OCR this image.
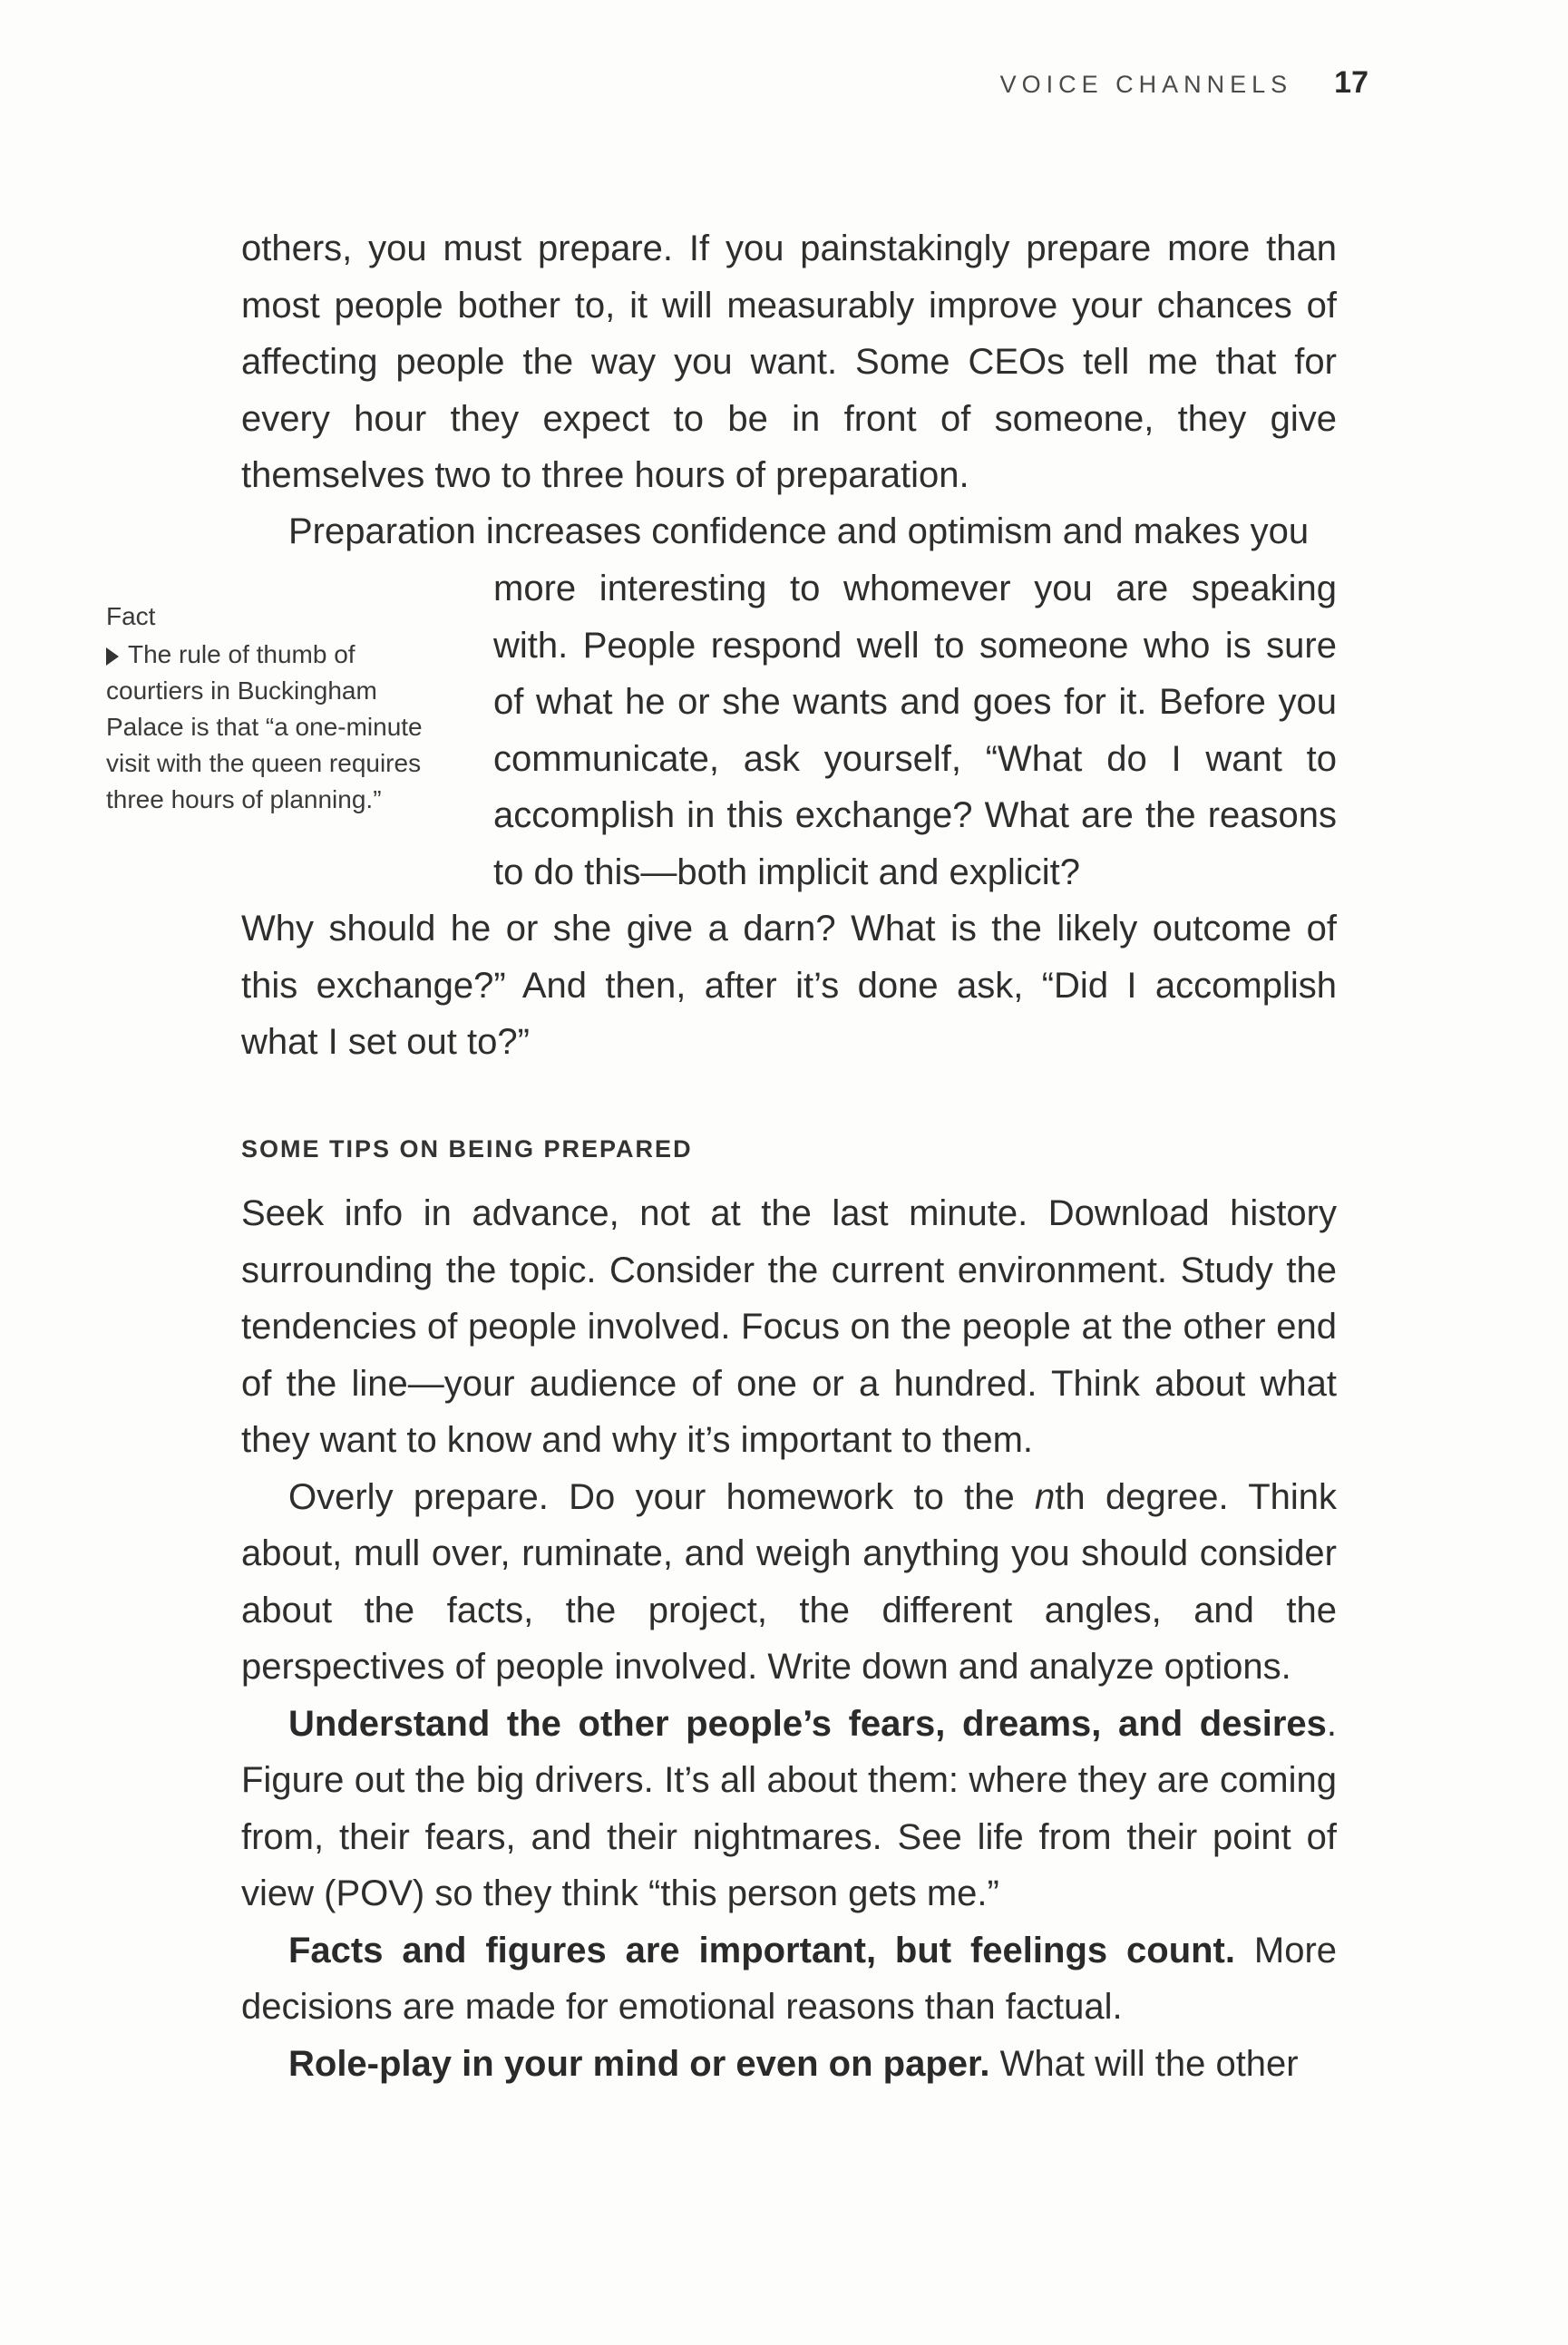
VOICE CHANNELS 17

others, you must prepare. If you painstakingly prepare more than most people bother to, it will measurably improve your chances of affecting people the way you want. Some CEOs tell me that for every hour they expect to be in front of someone, they give themselves two to three hours of preparation.

Preparation increases confidence and optimism and makes you

more interesting to whomever you are speaking with. People respond well to someone who is sure of what he or she wants and goes for it. Before you communicate, ask yourself, “What do I want to accomplish in this exchange? What are the reasons to do this—both implicit and explicit?

Fact
The rule of thumb of courtiers in Buckingham Palace is that “a one-minute visit with the queen requires three hours of planning.”

Why should he or she give a darn? What is the likely outcome of this exchange?” And then, after it’s done ask, “Did I accomplish what I set out to?”

SOME TIPS ON BEING PREPARED

Seek info in advance, not at the last minute. Download history surrounding the topic. Consider the current environment. Study the tendencies of people involved. Focus on the people at the other end of the line—your audience of one or a hundred. Think about what they want to know and why it’s important to them.

Overly prepare. Do your homework to the nth degree. Think about, mull over, ruminate, and weigh anything you should consider about the facts, the project, the different angles, and the perspectives of people involved. Write down and analyze options.

Understand the other people’s fears, dreams, and desires. Figure out the big drivers. It’s all about them: where they are coming from, their fears, and their nightmares. See life from their point of view (POV) so they think “this person gets me.”

Facts and figures are important, but feelings count. More decisions are made for emotional reasons than factual.

Role-play in your mind or even on paper. What will the other
